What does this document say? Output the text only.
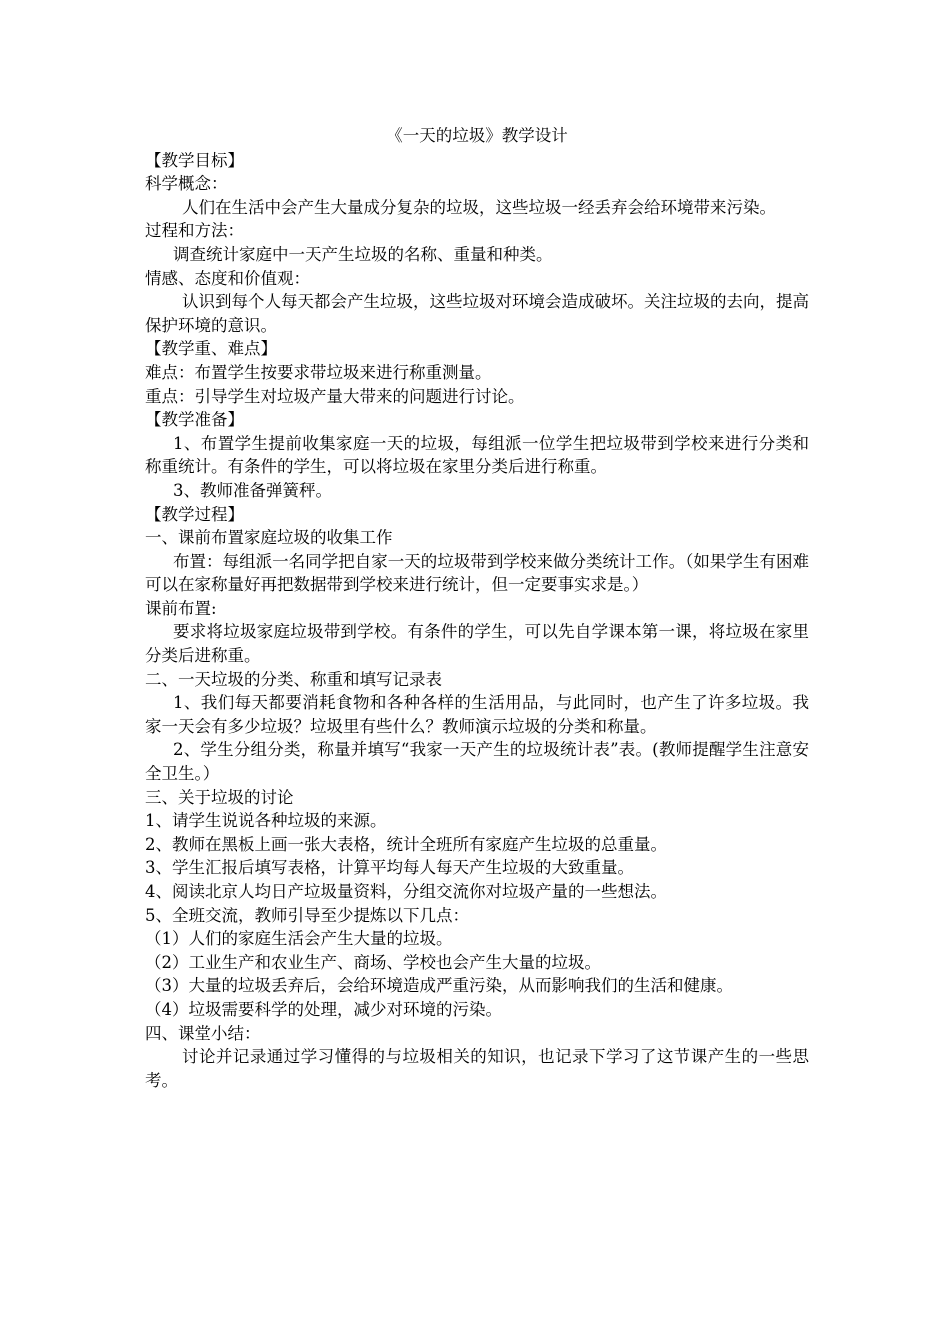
《一天的垃圾》教学设计
【教学目标】
科学概念：
人们在生活中会产生大量成分复杂的垃圾，这些垃圾一经丢弃会给环境带来污染。
过程和方法：
调查统计家庭中一天产生垃圾的名称、重量和种类。
情感、态度和价值观：
认识到每个人每天都会产生垃圾，这些垃圾对环境会造成破坏。关注垃圾的去向，提高保护环境的意识。
【教学重、难点】
难点：布置学生按要求带垃圾来进行称重测量。
重点：引导学生对垃圾产量大带来的问题进行讨论。
【教学准备】
1、布置学生提前收集家庭一天的垃圾，每组派一位学生把垃圾带到学校来进行分类和称重统计。有条件的学生，可以将垃圾在家里分类后进行称重。
3、教师准备弹簧秤。
【教学过程】
一、课前布置家庭垃圾的收集工作
布置：每组派一名同学把自家一天的垃圾带到学校来做分类统计工作。（如果学生有困难可以在家称量好再把数据带到学校来进行统计，但一定要事实求是。）
课前布置:
要求将垃圾家庭垃圾带到学校。有条件的学生，可以先自学课本第一课，将垃圾在家里分类后进称重。
二、一天垃圾的分类、称重和填写记录表
1、我们每天都要消耗食物和各种各样的生活用品，与此同时，也产生了许多垃圾。我家一天会有多少垃圾？垃圾里有些什么？教师演示垃圾的分类和称量。
2、学生分组分类，称量并填写“我家一天产生的垃圾统计表”表。(教师提醒学生注意安全卫生。）
三、关于垃圾的讨论
1、请学生说说各种垃圾的来源。
2、教师在黑板上画一张大表格，统计全班所有家庭产生垃圾的总重量。
3、学生汇报后填写表格，计算平均每人每天产生垃圾的大致重量。
4、阅读北京人均日产垃圾量资料，分组交流你对垃圾产量的一些想法。
5、全班交流，教师引导至少提炼以下几点：
（1）人们的家庭生活会产生大量的垃圾。
（2）工业生产和农业生产、商场、学校也会产生大量的垃圾。
（3）大量的垃圾丢弃后，会给环境造成严重污染，从而影响我们的生活和健康。
（4）垃圾需要科学的处理，减少对环境的污染。
四、课堂小结：
讨论并记录通过学习懂得的与垃圾相关的知识，也记录下学习了这节课产生的一些思考。
